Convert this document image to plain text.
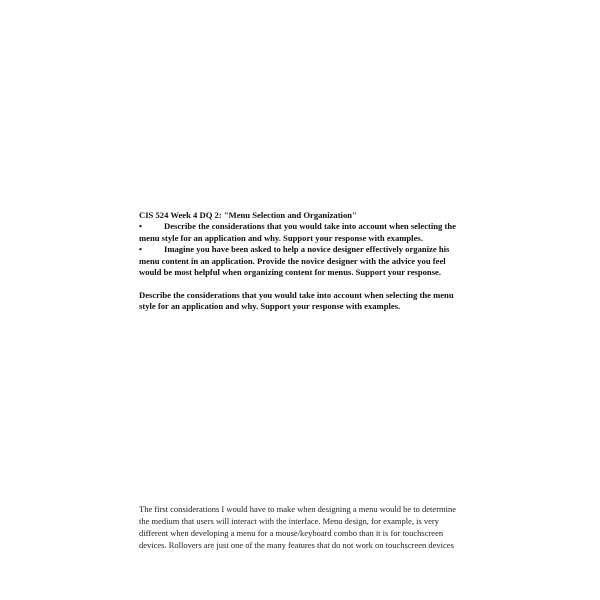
CIS 524 Week 4 DQ 2: "Menu Selection and Organization"
•	Describe the considerations that you would take into account when selecting the
menu style for an application and why. Support your response with examples.
•	Imagine you have been asked to help a novice designer effectively organize his
menu content in an application. Provide the novice designer with the advice you feel
would be most helpful when organizing content for menus. Support your response.
Describe the considerations that you would take into account when selecting the menu
style for an application and why. Support your response with examples.
The first considerations I would have to make when designing a menu would be to determine
the medium that users will interact with the interface. Menu design, for example, is very
different when developing a menu for a mouse/keyboard combo than it is for touchscreen
devices. Rollovers are just one of the many features that do not work on touchscreen devices
